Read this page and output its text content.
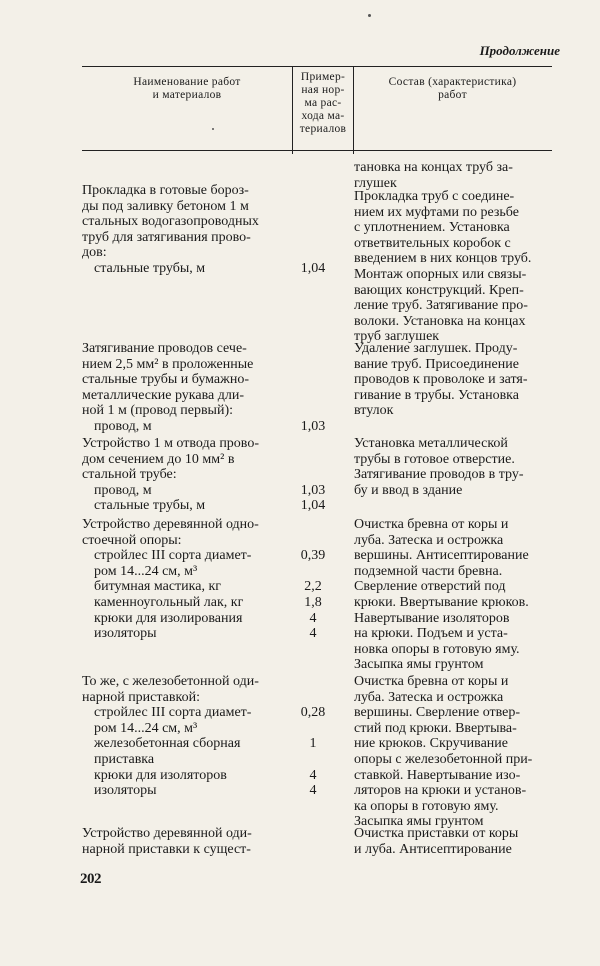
Продолжение
Наименование работ
и материалов
Пример-
ная нор-
ма рас-
хода ма-
териалов
Состав (характеристика)
работ
тановка на концах труб за-
глушек
Прокладка в готовые бороз-
ды под заливку бетоном 1 м
стальных водогазопроводных
труб для затягивания прово-
дов:
стальные трубы, м
Прокладка труб с соедине-
нием их муфтами по резьбе
с уплотнением. Установка
ответвительных коробок с
введением в них концов труб.
Монтаж опорных или связы-
вающих конструкций. Креп-
ление труб. Затягивание про-
волоки. Установка на концах
труб заглушек
1,04
Затягивание проводов сече-
нием 2,5 мм² в проложенные
стальные трубы и бумажно-
металлические рукава дли-
ной 1 м (провод первый):
провод, м
Удаление заглушек. Проду-
вание труб. Присоединение
проводов к проволоке и затя-
гивание в трубы. Установка
втулок
1,03
Устройство 1 м отвода прово-
дом сечением до 10 мм² в
стальной трубе:
провод, м
стальные трубы, м
Установка металлической
трубы в готовое отверстие.
Затягивание проводов в тру-
бу и ввод в здание
1,03
1,04
Устройство деревянной одно-
стоечной опоры:
стройлес III сорта диамет-
ром 14...24 см, м³
битумная мастика, кг
каменноугольный лак, кг
крюки для изолирования
изоляторы
Очистка бревна от коры и
луба. Затеска и острожка
вершины. Антисептирование
подземной части бревна.
Сверление отверстий под
крюки. Ввертывание крюков.
Навертывание изоляторов
на крюки. Подъем и уста-
новка опоры в готовую яму.
Засыпка ямы грунтом
0,39
2,2
1,8
4
4
То же, с железобетонной оди-
нарной приставкой:
стройлес III сорта диамет-
ром 14...24 см, м³
железобетонная сборная
приставка
крюки для изоляторов
изоляторы
Очистка бревна от коры и
луба. Затеска и острожка
вершины. Сверление отвер-
стий под крюки. Ввертыва-
ние крюков. Скручивание
опоры с железобетонной при-
ставкой. Навертывание изо-
ляторов на крюки и установ-
ка опоры в готовую яму.
Засыпка ямы грунтом
0,28
1
4
4
Устройство деревянной оди-
нарной приставки к сущест-
Очистка приставки от коры
и луба. Антисептирование
202
